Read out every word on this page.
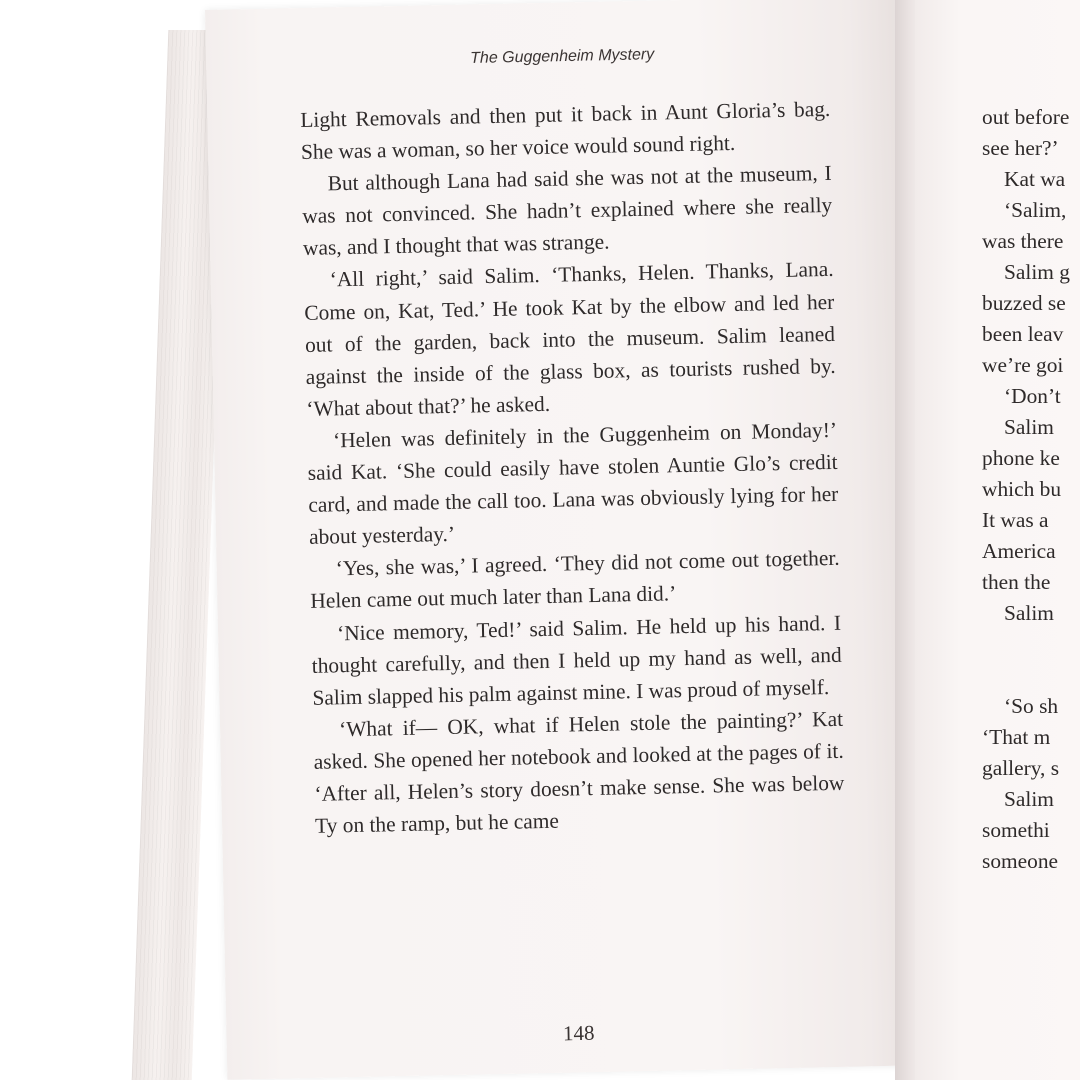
The Guggenheim Mystery

Light Removals and then put it back in Aunt Gloria’s bag. She was a woman, so her voice would sound right.

But although Lana had said she was not at the museum, I was not convinced. She hadn’t explained where she really was, and I thought that was strange.

‘All right,’ said Salim. ‘Thanks, Helen. Thanks, Lana. Come on, Kat, Ted.’ He took Kat by the elbow and led her out of the garden, back into the museum. Salim leaned against the inside of the glass box, as tourists rushed by. ‘What about that?’ he asked.

‘Helen was definitely in the Guggenheim on Monday!’ said Kat. ‘She could easily have stolen Auntie Glo’s credit card, and made the call too. Lana was obviously lying for her about yesterday.’

‘Yes, she was,’ I agreed. ‘They did not come out together. Helen came out much later than Lana did.’

‘Nice memory, Ted!’ said Salim. He held up his hand. I thought carefully, and then I held up my hand as well, and Salim slapped his palm against mine. I was proud of myself.

‘What if— OK, what if Helen stole the painting?’ Kat asked. She opened her notebook and looked at the pages of it. ‘After all, Helen’s story doesn’t make sense. She was below Ty on the ramp, but he came

148
out before
see her?’
Kat wa
‘Salim,
was there
Salim g
buzzed se
been leav
we’re goi
‘Don’t
Salim
phone ke
which bu
It was a
America
then the
Salim
‘So sh
‘That m
gallery, s
Salim
somethi
someone
